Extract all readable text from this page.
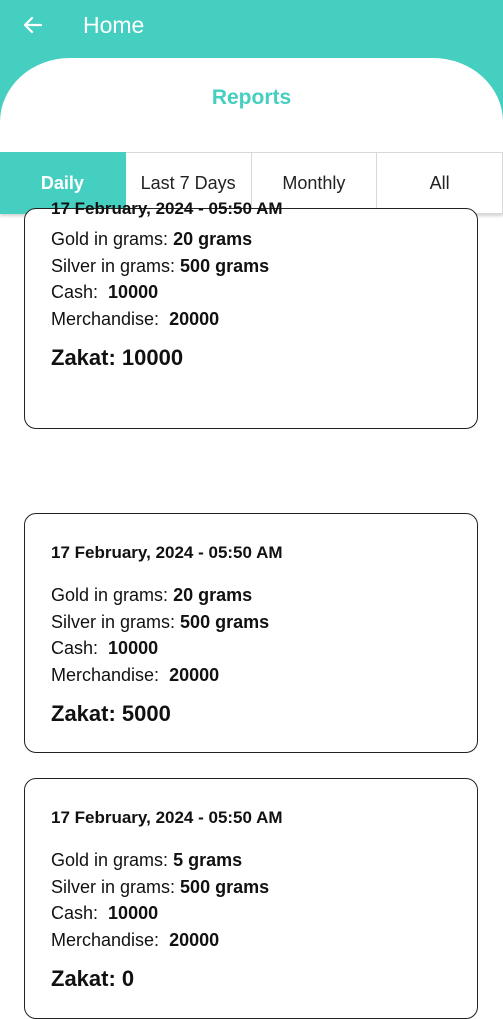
Home
Reports
Daily	Last 7 Days	Monthly	All
17 February, 2024 - 05:50 AM
Gold in grams: 20 grams
Silver in grams: 500 grams
Cash: 10000
Merchandise: 20000
Zakat: 10000
17 February, 2024 - 05:50 AM
Gold in grams: 20 grams
Silver in grams: 500 grams
Cash: 10000
Merchandise: 20000
Zakat: 5000
17 February, 2024 - 05:50 AM
Gold in grams: 5 grams
Silver in grams: 500 grams
Cash: 10000
Merchandise: 20000
Zakat: 0
